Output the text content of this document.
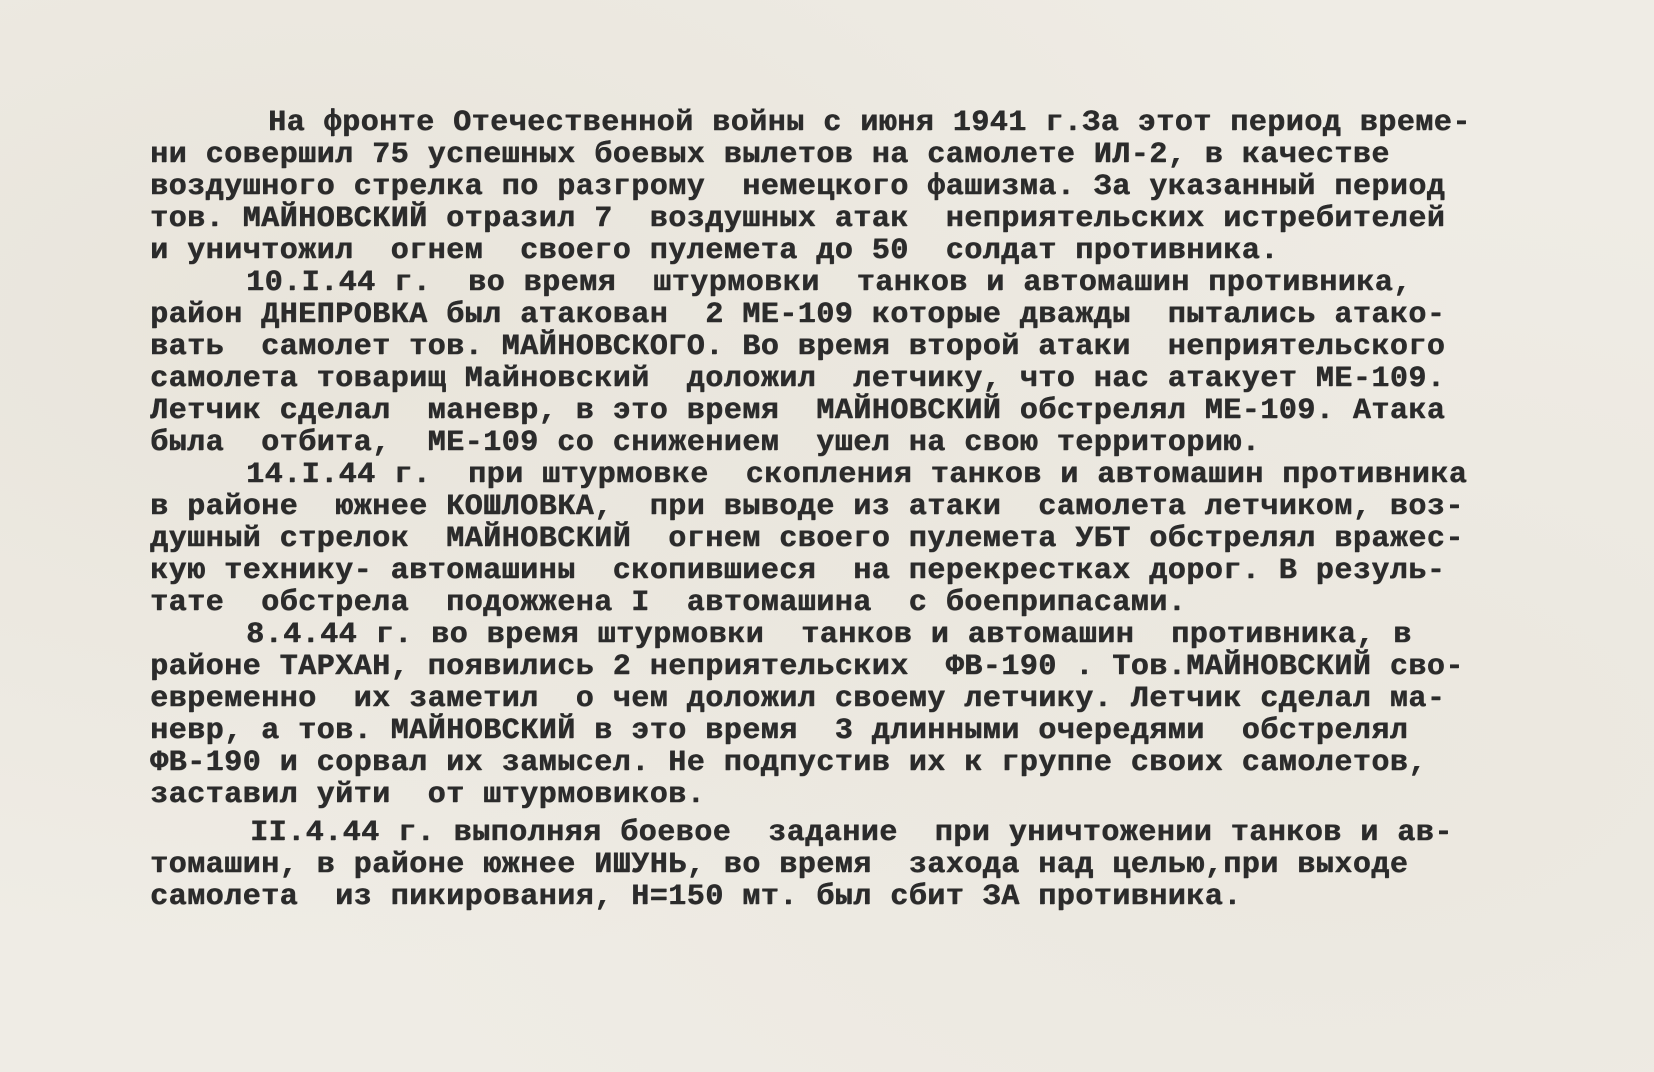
На фронте Отечественной войны с июня 1941 г.За этот период време-
ни совершил 75 успешных боевых вылетов на самолете ИЛ-2, в качестве
воздушного стрелка по разгрому  немецкого фашизма. За указанный период
тов. МАЙНОВСКИЙ отразил 7  воздушных атак  неприятельских истребителей
и уничтожил  огнем  своего пулемета до 50  солдат противника.
10.I.44 г.  во время  штурмовки  танков и автомашин противника,
район ДНЕПРОВКА был атакован  2 МЕ-109 которые дважды  пытались атако-
вать  самолет тов. МАЙНОВСКОГО. Во время второй атаки  неприятельского
самолета товарищ Майновский  доложил  летчику, что нас атакует МЕ-109.
Летчик сделал  маневр, в это время  МАЙНОВСКИЙ обстрелял МЕ-109. Атака
была  отбита,  МЕ-109 со снижением  ушел на свою территорию.
14.I.44 г.  при штурмовке  скопления танков и автомашин противника
в районе  южнее КОШЛОВКА,  при выводе из атаки  самолета летчиком, воз-
душный стрелок  МАЙНОВСКИЙ  огнем своего пулемета УБТ обстрелял вражес-
кую технику- автомашины  скопившиеся  на перекрестках дорог. В резуль-
тате  обстрела  подожжена I  автомашина  с боеприпасами.
8.4.44 г. во время штурмовки  танков и автомашин  противника, в
районе ТАРХАН, появились 2 неприятельских  ФВ-190 . Тов.МАЙНОВСКИЙ сво-
евременно  их заметил  о чем доложил своему летчику. Летчик сделал ма-
невр, а тов. МАЙНОВСКИЙ в это время  3 длинными очередями  обстрелял
ФВ-190 и сорвал их замысел. Не подпустив их к группе своих самолетов,
заставил уйти  от штурмовиков.
II.4.44 г. выполняя боевое  задание  при уничтожении танков и ав-
томашин, в районе южнее ИШУНЬ, во время  захода над целью,при выходе
самолета  из пикирования, Н=150 мт. был сбит ЗА противника.
